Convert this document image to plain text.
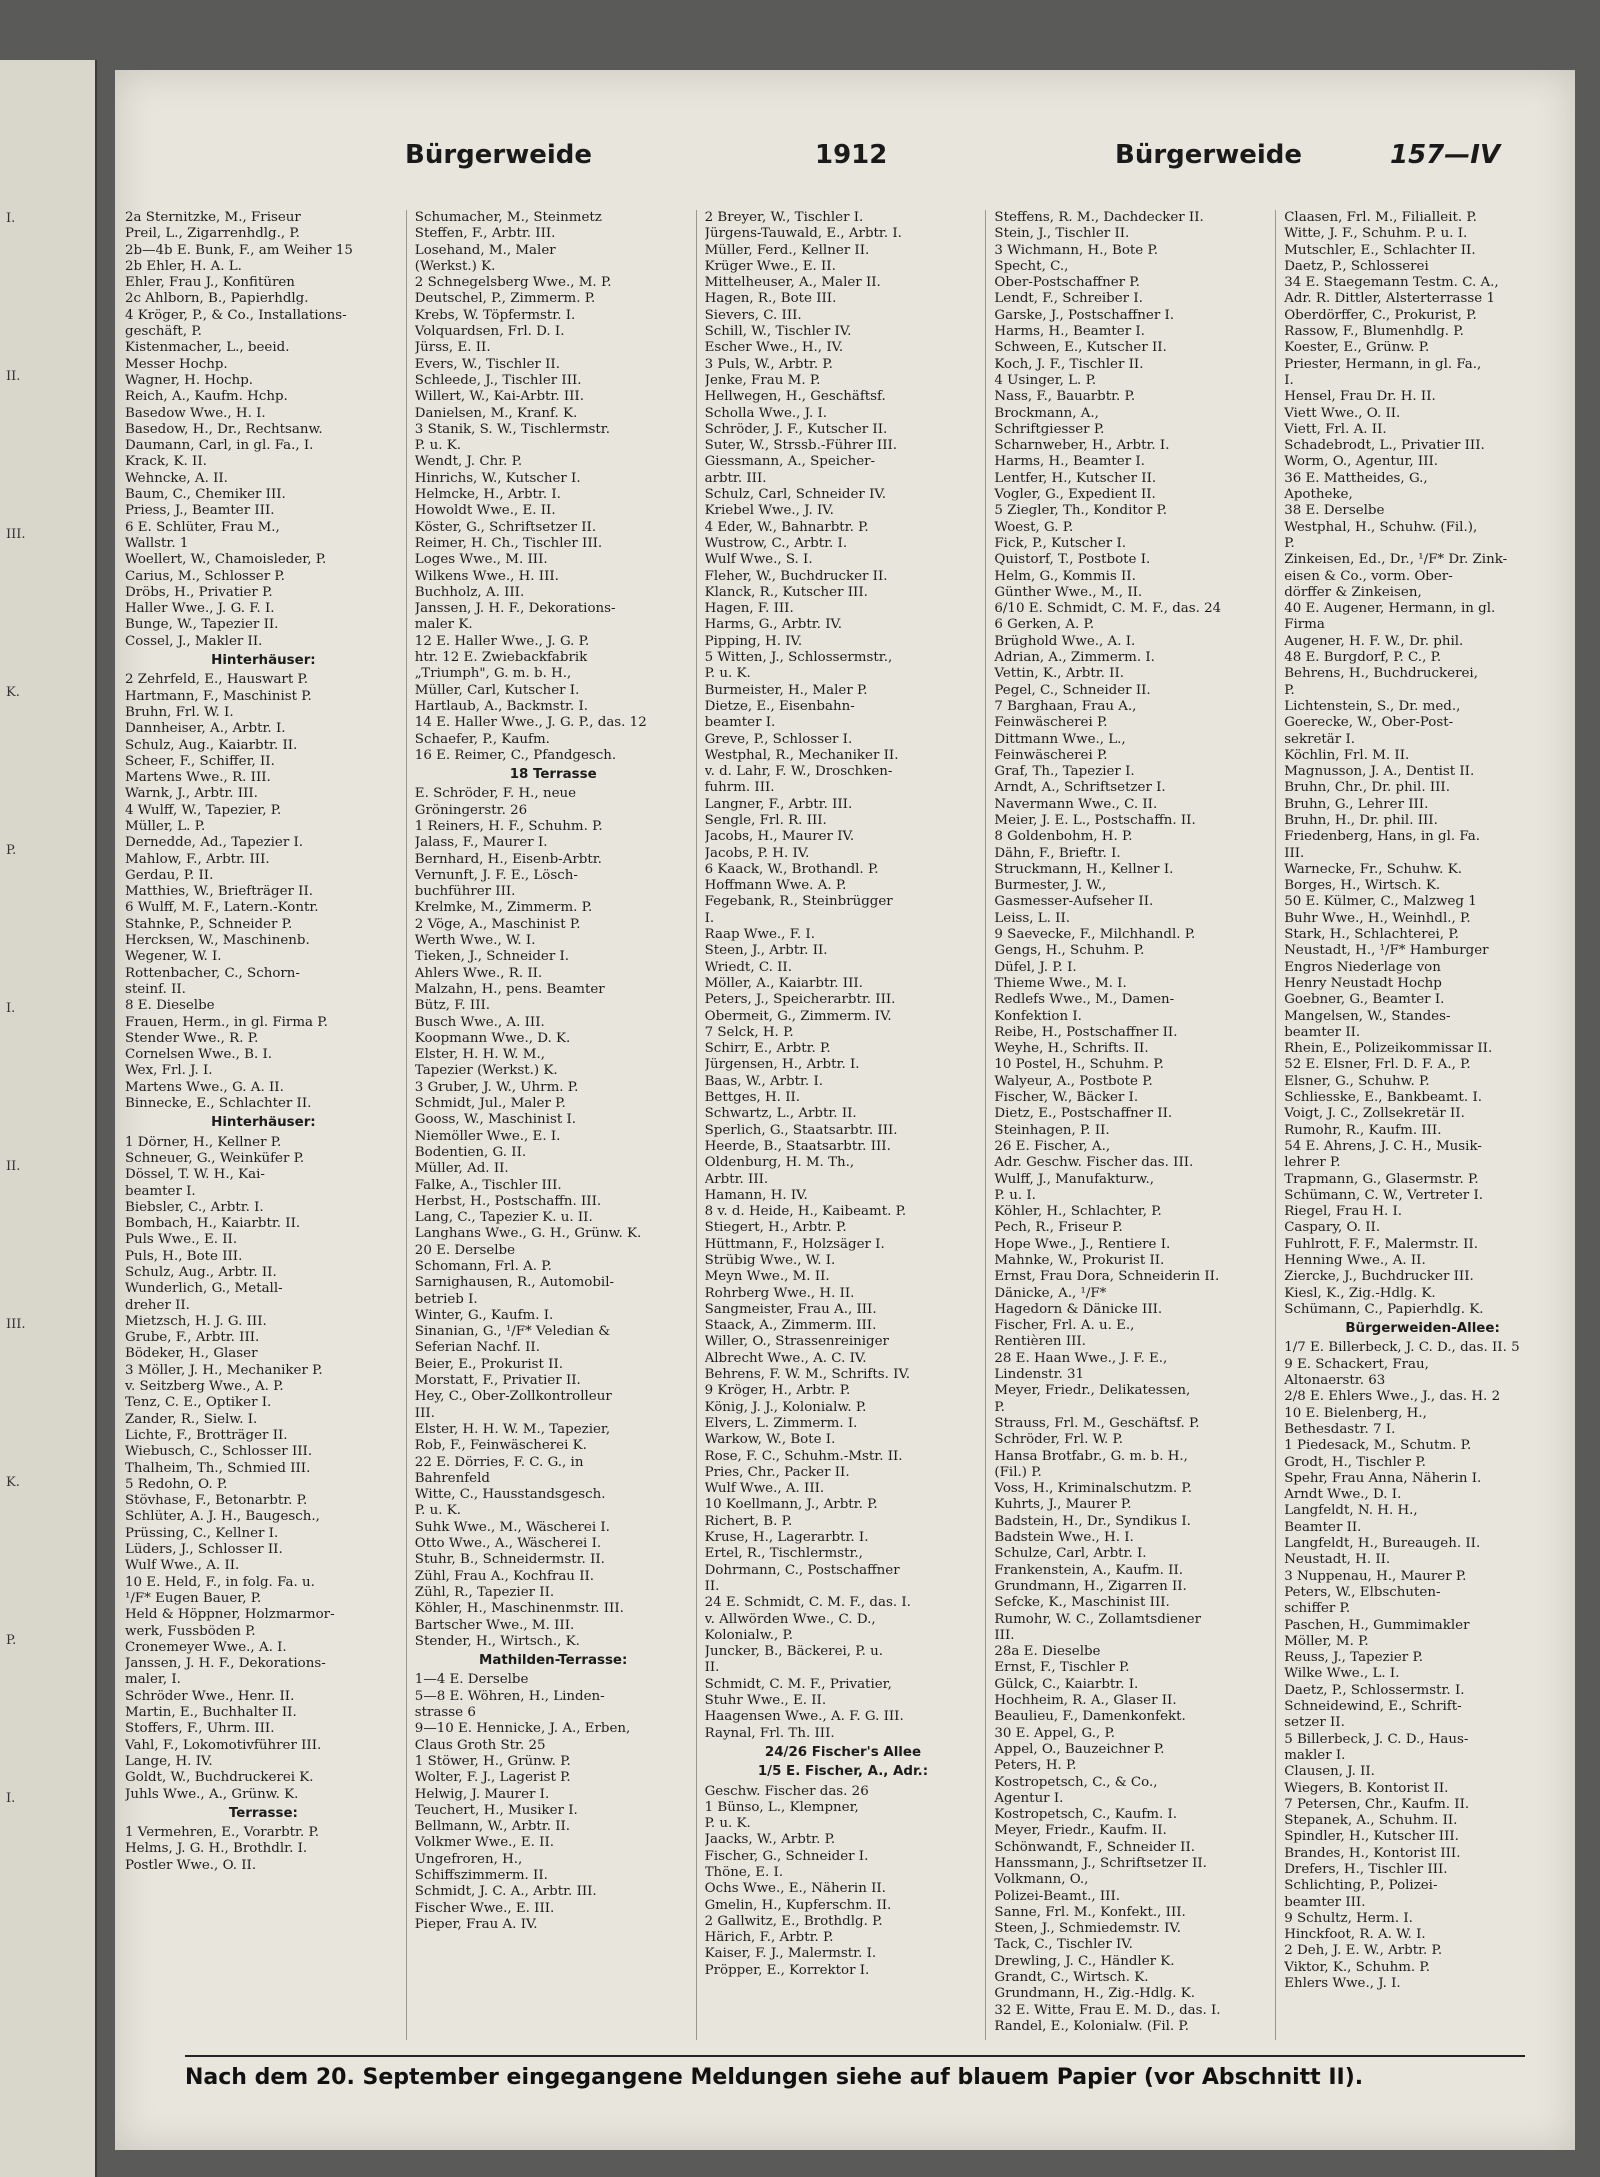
I.
II.
III.
K.
P.
I.
II.
III.
K.
P.
I.
Bürgerweide	1912	Bürgerweide	157—IV
2a Sternitzke, M., Friseur
Preil, L., Zigarrenhdlg., P.
2b—4b E. Bunk, F., am Weiher 15
2b Ehler, H. A. L.
Ehler, Frau J., Konfitüren
2c Ahlborn, B., Papierhdlg.
4 Kröger, P., & Co., Installations-
geschäft, P.
Kistenmacher, L., beeid.
Messer Hochp.
Wagner, H. Hochp.
Reich, A., Kaufm. Hchp.
Basedow Wwe., H. I.
Basedow, H., Dr., Rechtsanw.
Daumann, Carl, in gl. Fa., I.
Krack, K. II.
Wehncke, A. II.
Baum, C., Chemiker III.
Priess, J., Beamter III.
6 E. Schlüter, Frau M.,
Wallstr. 1
Woellert, W., Chamoisleder, P.
Carius, M., Schlosser P.
Dröbs, H., Privatier P.
Haller Wwe., J. G. F. I.
Bunge, W., Tapezier II.
Cossel, J., Makler II.
Hinterhäuser:
2 Zehrfeld, E., Hauswart P.
Hartmann, F., Maschinist P.
Bruhn, Frl. W. I.
Dannheiser, A., Arbtr. I.
Schulz, Aug., Kaiarbtr. II.
Scheer, F., Schiffer, II.
Martens Wwe., R. III.
Warnk, J., Arbtr. III.
4 Wulff, W., Tapezier, P.
Müller, L. P.
Dernedde, Ad., Tapezier I.
Mahlow, F., Arbtr. III.
Gerdau, P. II.
Matthies, W., Briefträger II.
6 Wulff, M. F., Latern.-Kontr.
Stahnke, P., Schneider P.
Hercksen, W., Maschinenb.
Wegener, W. I.
Rottenbacher, C., Schorn-
steinf. II.
8 E. Dieselbe
Frauen, Herm., in gl. Firma P.
Stender Wwe., R. P.
Cornelsen Wwe., B. I.
Wex, Frl. J. I.
Martens Wwe., G. A. II.
Binnecke, E., Schlachter II.
Hinterhäuser:
1 Dörner, H., Kellner P.
Schneuer, G., Weinküfer P.
Dössel, T. W. H., Kai-
beamter I.
Biebsler, C., Arbtr. I.
Bombach, H., Kaiarbtr. II.
Puls Wwe., E. II.
Puls, H., Bote III.
Schulz, Aug., Arbtr. II.
Wunderlich, G., Metall-
dreher II.
Mietzsch, H. J. G. III.
Grube, F., Arbtr. III.
Bödeker, H., Glaser
3 Möller, J. H., Mechaniker P.
v. Seitzberg Wwe., A. P.
Tenz, C. E., Optiker I.
Zander, R., Sielw. I.
Lichte, F., Brotträger II.
Wiebusch, C., Schlosser III.
Thalheim, Th., Schmied III.
5 Redohn, O. P.
Stövhase, F., Betonarbtr. P.
Schlüter, A. J. H., Baugesch.,
Prüssing, C., Kellner I.
Lüders, J., Schlosser II.
Wulf Wwe., A. II.
10 E. Held, F., in folg. Fa. u.
¹/F* Eugen Bauer, P.
Held & Höppner, Holzmarmor-
werk, Fussböden P.
Cronemeyer Wwe., A. I.
Janssen, J. H. F., Dekorations-
maler, I.
Schröder Wwe., Henr. II.
Martin, E., Buchhalter II.
Stoffers, F., Uhrm. III.
Vahl, F., Lokomotivführer III.
Lange, H. IV.
Goldt, W., Buchdruckerei K.
Juhls Wwe., A., Grünw. K.
Terrasse:
1 Vermehren, E., Vorarbtr. P.
Helms, J. G. H., Brothdlr. I.
Postler Wwe., O. II.
Schumacher, M., Steinmetz
Steffen, F., Arbtr. III.
Losehand, M., Maler
(Werkst.) K.
2 Schnegelsberg Wwe., M. P.
Deutschel, P., Zimmerm. P.
Krebs, W. Töpfermstr. I.
Volquardsen, Frl. D. I.
Jürss, E. II.
Evers, W., Tischler II.
Schleede, J., Tischler III.
Willert, W., Kai-Arbtr. III.
Danielsen, M., Kranf. K.
3 Stanik, S. W., Tischlermstr.
P. u. K.
Wendt, J. Chr. P.
Hinrichs, W., Kutscher I.
Helmcke, H., Arbtr. I.
Howoldt Wwe., E. II.
Köster, G., Schriftsetzer II.
Reimer, H. Ch., Tischler III.
Loges Wwe., M. III.
Wilkens Wwe., H. III.
Buchholz, A. III.
Janssen, J. H. F., Dekorations-
maler K.
12 E. Haller Wwe., J. G. P.
htr. 12 E. Zwiebackfabrik
„Triumph", G. m. b. H.,
Müller, Carl, Kutscher I.
Hartlaub, A., Backmstr. I.
14 E. Haller Wwe., J. G. P., das. 12
Schaefer, P., Kaufm.
16 E. Reimer, C., Pfandgesch.
18 Terrasse
E. Schröder, F. H., neue
Gröningerstr. 26
1 Reiners, H. F., Schuhm. P.
Jalass, F., Maurer I.
Bernhard, H., Eisenb-Arbtr.
Vernunft, J. F. E., Lösch-
buchführer III.
Krelmke, M., Zimmerm. P.
2 Vöge, A., Maschinist P.
Werth Wwe., W. I.
Tieken, J., Schneider I.
Ahlers Wwe., R. II.
Malzahn, H., pens. Beamter
Bütz, F. III.
Busch Wwe., A. III.
Koopmann Wwe., D. K.
Elster, H. H. W. M.,
Tapezier (Werkst.) K.
3 Gruber, J. W., Uhrm. P.
Schmidt, Jul., Maler P.
Gooss, W., Maschinist I.
Niemöller Wwe., E. I.
Bodentien, G. II.
Müller, Ad. II.
Falke, A., Tischler III.
Herbst, H., Postschaffn. III.
Lang, C., Tapezier K. u. II.
Langhans Wwe., G. H., Grünw. K.
20 E. Derselbe
Schomann, Frl. A. P.
Sarnighausen, R., Automobil-
betrieb I.
Winter, G., Kaufm. I.
Sinanian, G., ¹/F* Veledian &
Seferian Nachf. II.
Beier, E., Prokurist II.
Morstatt, F., Privatier II.
Hey, C., Ober-Zollkontrolleur
III.
Elster, H. H. W. M., Tapezier,
Rob, F., Feinwäscherei K.
22 E. Dörries, F. C. G., in
Bahrenfeld
Witte, C., Hausstandsgesch.
P. u. K.
Suhk Wwe., M., Wäscherei I.
Otto Wwe., A., Wäscherei I.
Stuhr, B., Schneidermstr. II.
Zühl, Frau A., Kochfrau II.
Zühl, R., Tapezier II.
Köhler, H., Maschinenmstr. III.
Bartscher Wwe., M. III.
Stender, H., Wirtsch., K.
Mathilden-Terrasse:
1—4 E. Derselbe
5—8 E. Wöhren, H., Linden-
strasse 6
9—10 E. Hennicke, J. A., Erben,
Claus Groth Str. 25
1 Stöwer, H., Grünw. P.
Wolter, F. J., Lagerist P.
Helwig, J. Maurer I.
Teuchert, H., Musiker I.
Bellmann, W., Arbtr. II.
Volkmer Wwe., E. II.
Ungefroren, H.,
Schiffszimmerm. II.
Schmidt, J. C. A., Arbtr. III.
Fischer Wwe., E. III.
Pieper, Frau A. IV.
2 Breyer, W., Tischler I.
Jürgens-Tauwald, E., Arbtr. I.
Müller, Ferd., Kellner II.
Krüger Wwe., E. II.
Mittelheuser, A., Maler II.
Hagen, R., Bote III.
Sievers, C. III.
Schill, W., Tischler IV.
Escher Wwe., H., IV.
3 Puls, W., Arbtr. P.
Jenke, Frau M. P.
Hellwegen, H., Geschäftsf.
Scholla Wwe., J. I.
Schröder, J. F., Kutscher II.
Suter, W., Strssb.-Führer III.
Giessmann, A., Speicher-
arbtr. III.
Schulz, Carl, Schneider IV.
Kriebel Wwe., J. IV.
4 Eder, W., Bahnarbtr. P.
Wustrow, C., Arbtr. I.
Wulf Wwe., S. I.
Fleher, W., Buchdrucker II.
Klanck, R., Kutscher III.
Hagen, F. III.
Harms, G., Arbtr. IV.
Pipping, H. IV.
5 Witten, J., Schlossermstr.,
P. u. K.
Burmeister, H., Maler P.
Dietze, E., Eisenbahn-
beamter I.
Greve, P., Schlosser I.
Westphal, R., Mechaniker II.
v. d. Lahr, F. W., Droschken-
fuhrm. III.
Langner, F., Arbtr. III.
Sengle, Frl. R. III.
Jacobs, H., Maurer IV.
Jacobs, P. H. IV.
6 Kaack, W., Brothandl. P.
Hoffmann Wwe. A. P.
Fegebank, R., Steinbrügger
I.
Raap Wwe., F. I.
Steen, J., Arbtr. II.
Wriedt, C. II.
Möller, A., Kaiarbtr. III.
Peters, J., Speicherarbtr. III.
Obermeit, G., Zimmerm. IV.
7 Selck, H. P.
Schirr, E., Arbtr. P.
Jürgensen, H., Arbtr. I.
Baas, W., Arbtr. I.
Bettges, H. II.
Schwartz, L., Arbtr. II.
Sperlich, G., Staatsarbtr. III.
Heerde, B., Staatsarbtr. III.
Oldenburg, H. M. Th.,
Arbtr. III.
Hamann, H. IV.
8 v. d. Heide, H., Kaibeamt. P.
Stiegert, H., Arbtr. P.
Hüttmann, F., Holzsäger I.
Strübig Wwe., W. I.
Meyn Wwe., M. II.
Rohrberg Wwe., H. II.
Sangmeister, Frau A., III.
Staack, A., Zimmerm. III.
Willer, O., Strassenreiniger
Albrecht Wwe., A. C. IV.
Behrens, F. W. M., Schrifts. IV.
9 Kröger, H., Arbtr. P.
König, J. J., Kolonialw. P.
Elvers, L. Zimmerm. I.
Warkow, W., Bote I.
Rose, F. C., Schuhm.-Mstr. II.
Pries, Chr., Packer II.
Wulf Wwe., A. III.
10 Koellmann, J., Arbtr. P.
Richert, B. P.
Kruse, H., Lagerarbtr. I.
Ertel, R., Tischlermstr.,
Dohrmann, C., Postschaffner
II.
24 E. Schmidt, C. M. F., das. I.
v. Allwörden Wwe., C. D.,
Kolonialw., P.
Juncker, B., Bäckerei, P. u.
II.
Schmidt, C. M. F., Privatier,
Stuhr Wwe., E. II.
Haagensen Wwe., A. F. G. III.
Raynal, Frl. Th. III.
24/26 Fischer's Allee
1/5 E. Fischer, A., Adr.:
Geschw. Fischer das. 26
1 Bünso, L., Klempner,
P. u. K.
Jaacks, W., Arbtr. P.
Fischer, G., Schneider I.
Thöne, E. I.
Ochs Wwe., E., Näherin II.
Gmelin, H., Kupferschm. II.
2 Gallwitz, E., Brothdlg. P.
Härich, F., Arbtr. P.
Kaiser, F. J., Malermstr. I.
Pröpper, E., Korrektor I.
Steffens, R. M., Dachdecker II.
Stein, J., Tischler II.
3 Wichmann, H., Bote P.
Specht, C.,
Ober-Postschaffner P.
Lendt, F., Schreiber I.
Garske, J., Postschaffner I.
Harms, H., Beamter I.
Schween, E., Kutscher II.
Koch, J. F., Tischler II.
4 Usinger, L. P.
Nass, F., Bauarbtr. P.
Brockmann, A.,
Schriftgiesser P.
Scharnweber, H., Arbtr. I.
Harms, H., Beamter I.
Lentfer, H., Kutscher II.
Vogler, G., Expedient II.
5 Ziegler, Th., Konditor P.
Woest, G. P.
Fick, P., Kutscher I.
Quistorf, T., Postbote I.
Helm, G., Kommis II.
Günther Wwe., M., II.
6/10 E. Schmidt, C. M. F., das. 24
6 Gerken, A. P.
Brüghold Wwe., A. I.
Adrian, A., Zimmerm. I.
Vettin, K., Arbtr. II.
Pegel, C., Schneider II.
7 Barghaan, Frau A.,
Feinwäscherei P.
Dittmann Wwe., L.,
Feinwäscherei P.
Graf, Th., Tapezier I.
Arndt, A., Schriftsetzer I.
Navermann Wwe., C. II.
Meier, J. E. L., Postschaffn. II.
8 Goldenbohm, H. P.
Dähn, F., Brieftr. I.
Struckmann, H., Kellner I.
Burmester, J. W.,
Gasmesser-Aufseher II.
Leiss, L. II.
9 Saevecke, F., Milchhandl. P.
Gengs, H., Schuhm. P.
Düfel, J. P. I.
Thieme Wwe., M. I.
Redlefs Wwe., M., Damen-
Konfektion I.
Reibe, H., Postschaffner II.
Weyhe, H., Schrifts. II.
10 Postel, H., Schuhm. P.
Walyeur, A., Postbote P.
Fischer, W., Bäcker I.
Dietz, E., Postschaffner II.
Steinhagen, P. II.
26 E. Fischer, A.,
Adr. Geschw. Fischer das. III.
Wulff, J., Manufakturw.,
P. u. I.
Köhler, H., Schlachter, P.
Pech, R., Friseur P.
Hope Wwe., J., Rentiere I.
Mahnke, W., Prokurist II.
Ernst, Frau Dora, Schneiderin II.
Dänicke, A., ¹/F*
Hagedorn & Dänicke III.
Fischer, Frl. A. u. E.,
Rentièren III.
28 E. Haan Wwe., J. F. E.,
Lindenstr. 31
Meyer, Friedr., Delikatessen,
P.
Strauss, Frl. M., Geschäftsf. P.
Schröder, Frl. W. P.
Hansa Brotfabr., G. m. b. H.,
(Fil.) P.
Voss, H., Kriminalschutzm. P.
Kuhrts, J., Maurer P.
Badstein, H., Dr., Syndikus I.
Badstein Wwe., H. I.
Schulze, Carl, Arbtr. I.
Frankenstein, A., Kaufm. II.
Grundmann, H., Zigarren II.
Sefcke, K., Maschinist III.
Rumohr, W. C., Zollamtsdiener
III.
28a E. Dieselbe
Ernst, F., Tischler P.
Gülck, C., Kaiarbtr. I.
Hochheim, R. A., Glaser II.
Beaulieu, F., Damenkonfekt.
30 E. Appel, G., P.
Appel, O., Bauzeichner P.
Peters, H. P.
Kostropetsch, C., & Co.,
Agentur I.
Kostropetsch, C., Kaufm. I.
Meyer, Friedr., Kaufm. II.
Schönwandt, F., Schneider II.
Hanssmann, J., Schriftsetzer II.
Volkmann, O.,
Polizei-Beamt., III.
Sanne, Frl. M., Konfekt., III.
Steen, J., Schmiedemstr. IV.
Tack, C., Tischler IV.
Drewling, J. C., Händler K.
Grandt, C., Wirtsch. K.
Grundmann, H., Zig.-Hdlg. K.
32 E. Witte, Frau E. M. D., das. I.
Randel, E., Kolonialw. (Fil. P.
Claasen, Frl. M., Filialleit. P.
Witte, J. F., Schuhm. P. u. I.
Mutschler, E., Schlachter II.
Daetz, P., Schlosserei
34 E. Staegemann Testm. C. A.,
Adr. R. Dittler, Alsterterrasse 1
Oberdörffer, C., Prokurist, P.
Rassow, F., Blumenhdlg. P.
Koester, E., Grünw. P.
Priester, Hermann, in gl. Fa.,
I.
Hensel, Frau Dr. H. II.
Viett Wwe., O. II.
Viett, Frl. A. II.
Schadebrodt, L., Privatier III.
Worm, O., Agentur, III.
36 E. Mattheides, G.,
Apotheke,
38 E. Derselbe
Westphal, H., Schuhw. (Fil.),
P.
Zinkeisen, Ed., Dr., ¹/F* Dr. Zink-
eisen & Co., vorm. Ober-
dörffer & Zinkeisen,
40 E. Augener, Hermann, in gl.
Firma
Augener, H. F. W., Dr. phil.
48 E. Burgdorf, P. C., P.
Behrens, H., Buchdruckerei,
P.
Lichtenstein, S., Dr. med.,
Goerecke, W., Ober-Post-
sekretär I.
Köchlin, Frl. M. II.
Magnusson, J. A., Dentist II.
Bruhn, Chr., Dr. phil. III.
Bruhn, G., Lehrer III.
Bruhn, H., Dr. phil. III.
Friedenberg, Hans, in gl. Fa.
III.
Warnecke, Fr., Schuhw. K.
Borges, H., Wirtsch. K.
50 E. Külmer, C., Malzweg 1
Buhr Wwe., H., Weinhdl., P.
Stark, H., Schlachterei, P.
Neustadt, H., ¹/F* Hamburger
Engros Niederlage von
Henry Neustadt Hochp
Goebner, G., Beamter I.
Mangelsen, W., Standes-
beamter II.
Rhein, E., Polizeikommissar II.
52 E. Elsner, Frl. D. F. A., P.
Elsner, G., Schuhw. P.
Schliesske, E., Bankbeamt. I.
Voigt, J. C., Zollsekretär II.
Rumohr, R., Kaufm. III.
54 E. Ahrens, J. C. H., Musik-
lehrer P.
Trapmann, G., Glasermstr. P.
Schümann, C. W., Vertreter I.
Riegel, Frau H. I.
Caspary, O. II.
Fuhlrott, F. F., Malermstr. II.
Henning Wwe., A. II.
Ziercke, J., Buchdrucker III.
Kiesl, K., Zig.-Hdlg. K.
Schümann, C., Papierhdlg. K.
Bürgerweiden-Allee:
1/7 E. Billerbeck, J. C. D., das. II. 5
9 E. Schackert, Frau,
Altonaerstr. 63
2/8 E. Ehlers Wwe., J., das. H. 2
10 E. Bielenberg, H.,
Bethesdastr. 7 I.
1 Piedesack, M., Schutm. P.
Grodt, H., Tischler P.
Spehr, Frau Anna, Näherin I.
Arndt Wwe., D. I.
Langfeldt, N. H. H.,
Beamter II.
Langfeldt, H., Bureaugeh. II.
Neustadt, H. II.
3 Nuppenau, H., Maurer P.
Peters, W., Elbschuten-
schiffer P.
Paschen, H., Gummimakler
Möller, M. P.
Reuss, J., Tapezier P.
Wilke Wwe., L. I.
Daetz, P., Schlossermstr. I.
Schneidewind, E., Schrift-
setzer II.
5 Billerbeck, J. C. D., Haus-
makler I.
Clausen, J. II.
Wiegers, B. Kontorist II.
7 Petersen, Chr., Kaufm. II.
Stepanek, A., Schuhm. II.
Spindler, H., Kutscher III.
Brandes, H., Kontorist III.
Drefers, H., Tischler III.
Schlichting, P., Polizei-
beamter III.
9 Schultz, Herm. I.
Hinckfoot, R. A. W. I.
2 Deh, J. E. W., Arbtr. P.
Viktor, K., Schuhm. P.
Ehlers Wwe., J. I.
Nach dem 20. September eingegangene Meldungen siehe auf blauem Papier (vor Abschnitt II).
